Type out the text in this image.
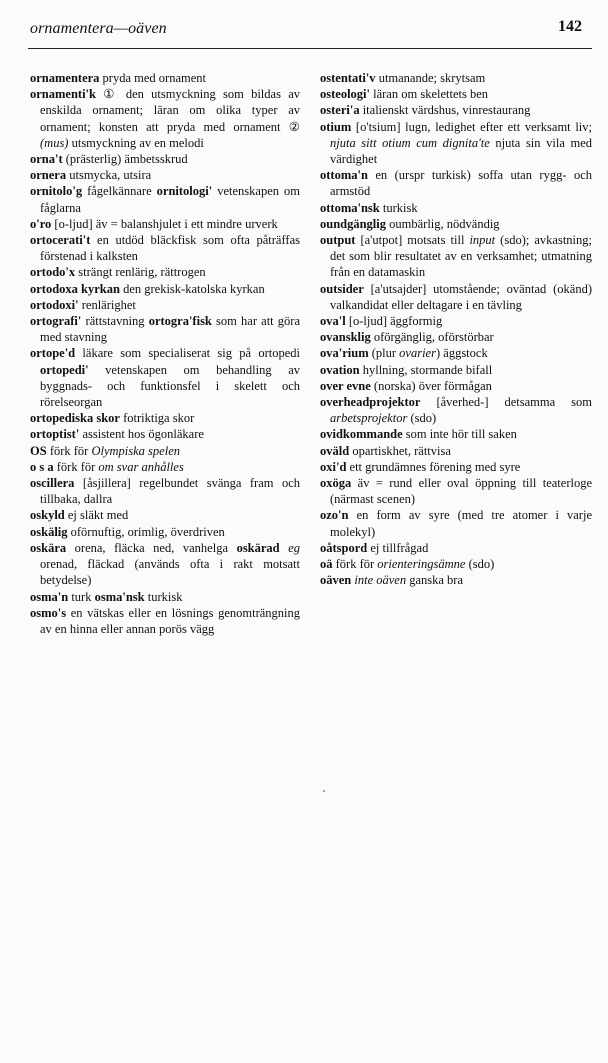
ornamentera—oäven	142

ornamentera pryda med ornament

ornamenti'k ① den utsmyckning som bildas av enskilda ornament; läran om olika typer av ornament; konsten att pryda med ornament ② (mus) utsmyckning av en melodi

orna't (prästerlig) ämbetsskrud

ornera utsmycka, utsira

ornitolo'g fågelkännare ornitologi' vetenskapen om fåglarna

o'ro [o-ljud] äv = balanshjulet i ett mindre urverk

ortocerati't en utdöd bläckfisk som ofta påträffas förstenad i kalksten

ortodo'x strängt renlärig, rättrogen

ortodoxa kyrkan den grekisk-katolska kyrkan

ortodoxi' renlärighet

ortografi' rättstavning ortogra'fisk som har att göra med stavning

ortope'd läkare som specialiserat sig på ortopedi ortopedi' vetenskapen om behandling av byggnads- och funktionsfel i skelett och rörelseorgan

ortopediska skor fotriktiga skor

ortoptist' assistent hos ögonläkare

OS förk för Olympiska spelen

o s a förk för om svar anhålles

oscillera [åsjillera] regelbundet svänga fram och tillbaka, dallra

oskyld ej släkt med

oskälig oförnuftig, orimlig, överdriven

oskära orena, fläcka ned, vanhelga oskärad eg orenad, fläckad (används ofta i rakt motsatt betydelse)

osma'n turk osma'nsk turkisk

osmo's en vätskas eller en lösnings genomträngning av en hinna eller annan porös vägg

ostentati'v utmanande; skrytsam

osteologi' läran om skelettets ben

osteri'a italienskt värdshus, vinrestaurang

otium [o'tsium] lugn, ledighet efter ett verksamt liv; njuta sitt otium cum dignita'te njuta sin vila med värdighet

ottoma'n en (urspr turkisk) soffa utan rygg- och armstöd

ottoma'nsk turkisk

oundgänglig oumbärlig, nödvändig

output [a'utpot] motsats till input (sdo); avkastning; det som blir resultatet av en verksamhet; utmatning från en datamaskin

outsider [a'utsajder] utomstående; oväntad (okänd) valkandidat eller deltagare i en tävling

ova'l [o-ljud] äggformig

ovansklig oförgänglig, oförstörbar

ova'rium (plur ovarier) äggstock

ovation hyllning, stormande bifall

over evne (norska) över förmågan

overheadprojektor [åverhed-] detsamma som arbetsprojektor (sdo)

ovidkommande som inte hör till saken

oväld opartiskhet, rättvisa

oxi'd ett grundämnes förening med syre

oxöga äv = rund eller oval öppning till teaterloge (närmast scenen)

ozo'n en form av syre (med tre atomer i varje molekyl)

oåtspord ej tillfrågad

oä förk för orienteringsämne (sdo)

oäven inte oäven ganska bra
